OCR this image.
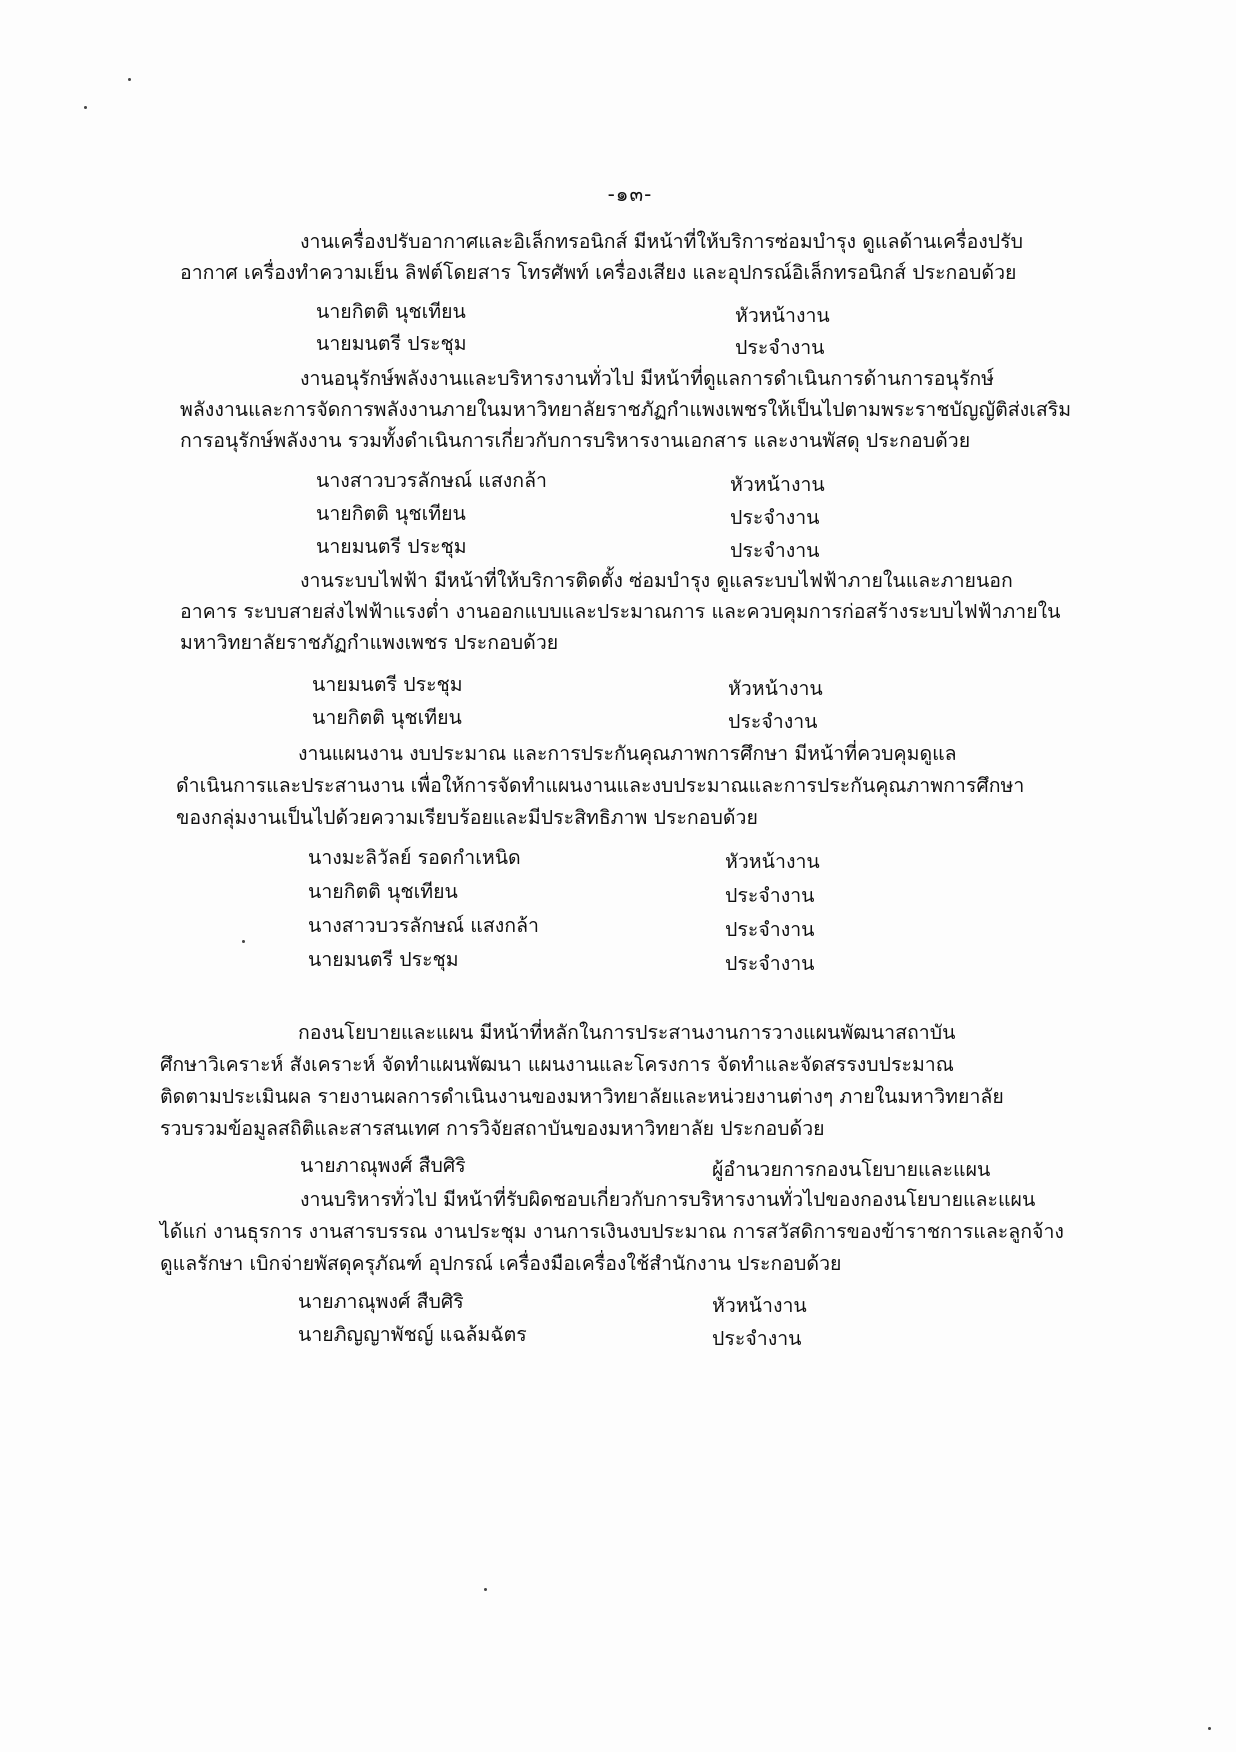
-๑๓-
งานเครื่องปรับอากาศและอิเล็กทรอนิกส์ มีหน้าที่ให้บริการซ่อมบำรุง ดูแลด้านเครื่องปรับ
อากาศ เครื่องทำความเย็น ลิฟต์โดยสาร โทรศัพท์ เครื่องเสียง และอุปกรณ์อิเล็กทรอนิกส์ ประกอบด้วย
นายกิตติ นุชเทียน	หัวหน้างาน
นายมนตรี ประชุม	ประจำงาน
งานอนุรักษ์พลังงานและบริหารงานทั่วไป มีหน้าที่ดูแลการดำเนินการด้านการอนุรักษ์
พลังงานและการจัดการพลังงานภายในมหาวิทยาลัยราชภัฏกำแพงเพชรให้เป็นไปตามพระราชบัญญัติส่งเสริม
การอนุรักษ์พลังงาน รวมทั้งดำเนินการเกี่ยวกับการบริหารงานเอกสาร และงานพัสดุ ประกอบด้วย
นางสาวบวรลักษณ์ แสงกล้า	หัวหน้างาน
นายกิตติ นุชเทียน	ประจำงาน
นายมนตรี ประชุม	ประจำงาน
งานระบบไฟฟ้า มีหน้าที่ให้บริการติดตั้ง ซ่อมบำรุง ดูแลระบบไฟฟ้าภายในและภายนอก
อาคาร ระบบสายส่งไฟฟ้าแรงต่ำ งานออกแบบและประมาณการ และควบคุมการก่อสร้างระบบไฟฟ้าภายใน
มหาวิทยาลัยราชภัฏกำแพงเพชร ประกอบด้วย
นายมนตรี ประชุม	หัวหน้างาน
นายกิตติ นุชเทียน	ประจำงาน
งานแผนงาน งบประมาณ และการประกันคุณภาพการศึกษา มีหน้าที่ควบคุมดูแล
ดำเนินการและประสานงาน เพื่อให้การจัดทำแผนงานและงบประมาณและการประกันคุณภาพการศึกษา
ของกลุ่มงานเป็นไปด้วยความเรียบร้อยและมีประสิทธิภาพ ประกอบด้วย
นางมะลิวัลย์ รอดกำเหนิด	หัวหน้างาน
นายกิตติ นุชเทียน	ประจำงาน
นางสาวบวรลักษณ์ แสงกล้า	ประจำงาน
นายมนตรี ประชุม	ประจำงาน
กองนโยบายและแผน มีหน้าที่หลักในการประสานงานการวางแผนพัฒนาสถาบัน
ศึกษาวิเคราะห์ สังเคราะห์ จัดทำแผนพัฒนา แผนงานและโครงการ จัดทำและจัดสรรงบประมาณ
ติดตามประเมินผล รายงานผลการดำเนินงานของมหาวิทยาลัยและหน่วยงานต่างๆ ภายในมหาวิทยาลัย
รวบรวมข้อมูลสถิติและสารสนเทศ การวิจัยสถาบันของมหาวิทยาลัย ประกอบด้วย
นายภาณุพงศ์ สืบศิริ	ผู้อำนวยการกองนโยบายและแผน
งานบริหารทั่วไป มีหน้าที่รับผิดชอบเกี่ยวกับการบริหารงานทั่วไปของกองนโยบายและแผน
ได้แก่ งานธุรการ งานสารบรรณ งานประชุม งานการเงินงบประมาณ การสวัสดิการของข้าราชการและลูกจ้าง
ดูแลรักษา เบิกจ่ายพัสดุครุภัณฑ์ อุปกรณ์ เครื่องมือเครื่องใช้สำนักงาน ประกอบด้วย
นายภาณุพงศ์ สืบศิริ	หัวหน้างาน
นายภิญญาพัชญ์ แฉล้มฉัตร	ประจำงาน
